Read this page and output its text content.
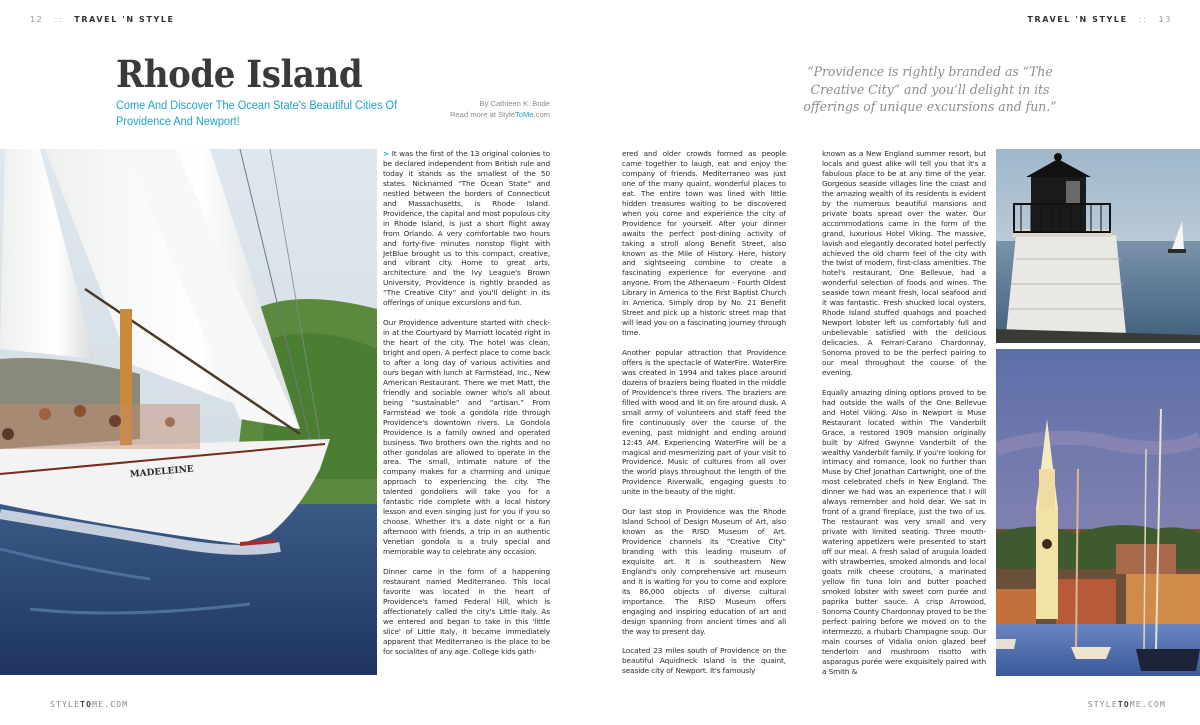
12 :: TRAVEL 'N STYLE	TRAVEL 'N STYLE :: 13
Rhode Island
Come And Discover The Ocean State's Beautiful Cities Of Providence And Newport!
By Cathleen K. Bode
Read more at StyleToMe.com
“Providence is rightly branded as “The Creative City” and you’ll delight in its offerings of unique excursions and fun.”
MADELEINE

> It was the first of the 13 original colonies to be declared independent from British rule and today it stands as the smallest of the 50 states. Nicknamed “The Ocean State” and nestled between the borders of Connecticut and Massachusetts, is Rhode Island. Providence, the capital and most populous city in Rhode Island, is just a short flight away from Orlando. A very comfortable two hours and forty-five minutes nonstop flight with JetBlue brought us to this compact, creative, and vibrant city. Home to great arts, architecture and the Ivy League's Brown University, Providence is rightly branded as “The Creative City” and you'll delight in its offerings of unique excursions and fun.

Our Providence adventure started with check-in at the Courtyard by Marriott located right in the heart of the city. The hotel was clean, bright and open. A perfect place to come back to after a long day of various activities and ours began with lunch at Farmstead, Inc., New American Restaurant. There we met Matt, the friendly and sociable owner who's all about being “sustainable” and “artisan.” From Farmstead we took a gondola ride through Providence's downtown rivers. La Gondola Providence is a family owned and operated business. Two brothers own the rights and no other gondolas are allowed to operate in the area. The small, intimate nature of the company makes for a charming and unique approach to experiencing the city. The talented gondoliers will take you for a fantastic ride complete with a local history lesson and even singing just for you if you so choose. Whether it's a date night or a fun afternoon with friends, a trip in an authentic Venetian gondola is a truly special and memorable way to celebrate any occasion.

Dinner came in the form of a happening restaurant named Mediterraneo. This local favorite was located in the heart of Providence's famed Federal Hill, which is affectionately called the city's Little Italy. As we entered and began to take in this 'little slice' of Little Italy, it became immediately apparent that Mediterraneo is the place to be for socialites of any age. College kids gath-

ered and older crowds formed as people came together to laugh, eat and enjoy the company of friends. Mediterraneo was just one of the many quaint, wonderful places to eat. The entire town was lined with little hidden treasures waiting to be discovered when you come and experience the city of Providence for yourself. After your dinner awaits the perfect post-dining activity of taking a stroll along Benefit Street, also known as the Mile of History. Here, history and sightseeing combine to create a fascinating experience for everyone and anyone. From the Athenaeum - Fourth Oldest Library in America to the First Baptist Church in America. Simply drop by No. 21 Benefit Street and pick up a historic street map that will lead you on a fascinating journey through time.

Another popular attraction that Providence offers is the spectacle of WaterFire. WaterFire was created in 1994 and takes place around dozens of braziers being floated in the middle of Providence's three rivers. The braziers are filled with wood and lit on fire around dusk. A small army of volunteers and staff feed the fire continuously over the course of the evening, past midnight and ending around 12:45 AM. Experiencing WaterFire will be a magical and mesmerizing part of your visit to Providence. Music of cultures from all over the world plays throughout the length of the Providence Riverwalk, engaging guests to unite in the beauty of the night.

Our last stop in Providence was the Rhode Island School of Design Museum of Art, also known as the RISD Museum of Art. Providence channels its “Creative City” branding with this leading museum of exquisite art. It is southeastern New England's only comprehensive art museum and it is waiting for you to come and explore its 86,000 objects of diverse cultural importance. The RISD Museum offers engaging and inspiring education of art and design spanning from ancient times and all the way to present day.

Located 23 miles south of Providence on the beautiful Aquidneck Island is the quaint, seaside city of Newport. It's famously

known as a New England summer resort, but locals and guest alike will tell you that it's a fabulous place to be at any time of the year. Gorgeous seaside villages line the coast and the amazing wealth of its residents is evident by the numerous beautiful mansions and private boats spread over the water. Our accommodations came in the form of the grand, luxurious Hotel Viking. The massive, lavish and elegantly decorated hotel perfectly achieved the old charm feel of the city with the twist of modern, first-class amenities. The hotel's restaurant, One Bellevue, had a wonderful selection of foods and wines. The seaside town meant fresh, local seafood and it was fantastic. Fresh shucked local oysters, Rhode Island stuffed quahogs and poached Newport lobster left us comfortably full and unbelievable satisfied with the delicious delicacies. A Ferrari-Carano Chardonnay, Sonoma proved to be the perfect pairing to our meal throughout the course of the evening.

Equally amazing dining options proved to be had outside the walls of the One Bellevue and Hotel Viking. Also in Newport is Muse Restaurant located within The Vanderbilt Grace, a restored 1909 mansion originally built by Alfred Gwynne Vanderbilt of the wealthy Vanderbilt family. If you're looking for intimacy and romance, look no further than Muse by Chef Jonathan Cartwright, one of the most celebrated chefs in New England. The dinner we had was an experience that I will always remember and hold dear. We sat in front of a grand fireplace, just the two of us. The restaurant was very small and very private with limited seating. Three mouth-watering appetizers were presented to start off our meal. A fresh salad of arugula loaded with strawberries, smoked almonds and local goats milk cheese croutons, a marinated yellow fin tuna loin and butter poached smoked lobster with sweet corn purée and paprika butter sauce. A crisp Arrowood, Sonoma County Chardonnay proved to be the perfect pairing before we moved on to the intermezzo, a rhubarb Champagne soup. Our main courses of Vidalia onion glazed beef tenderloin and mushroom risotto with asparagus purée were exquisitely paired with a Smith &

STYLETOME.COM	STYLETOME.COM
